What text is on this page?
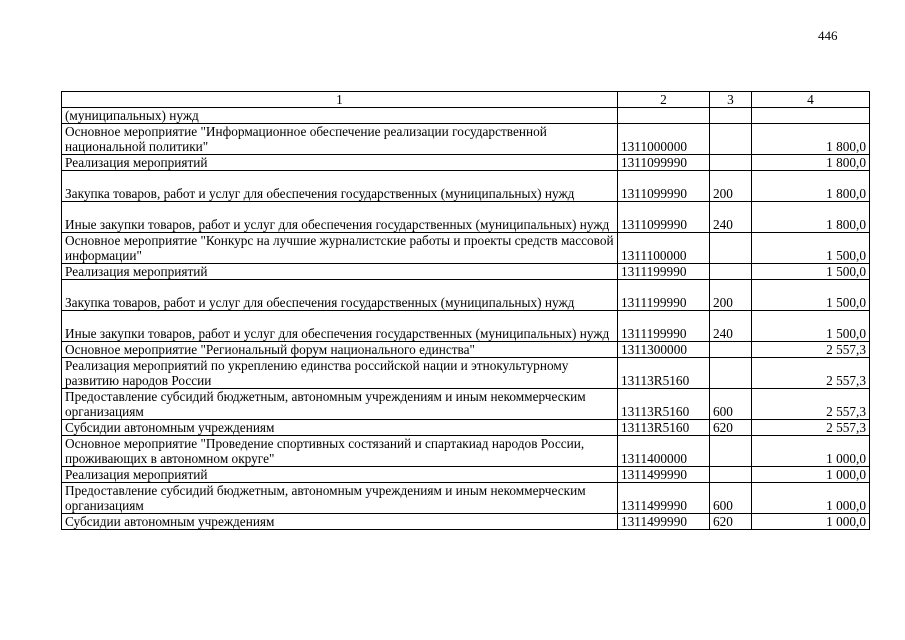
446
1	2	3	4
(муниципальных) нужд			
Основное мероприятие "Информационное обеспечение реализации государственной национальной политики"	1311000000		1 800,0
Реализация мероприятий	1311099990		1 800,0
Закупка товаров, работ и услуг для обеспечения государственных (муниципальных) нужд	1311099990	200	1 800,0
Иные закупки товаров, работ и услуг для обеспечения государственных (муниципальных) нужд	1311099990	240	1 800,0
Основное мероприятие "Конкурс на лучшие журналистские работы и проекты средств массовой информации"	1311100000		1 500,0
Реализация мероприятий	1311199990		1 500,0
Закупка товаров, работ и услуг для обеспечения государственных (муниципальных) нужд	1311199990	200	1 500,0
Иные закупки товаров, работ и услуг для обеспечения государственных (муниципальных) нужд	1311199990	240	1 500,0
Основное мероприятие "Региональный форум национального единства"	1311300000		2 557,3
Реализация мероприятий по укреплению единства российской нации и этнокультурному развитию народов России	13113R5160		2 557,3
Предоставление субсидий бюджетным, автономным учреждениям и иным некоммерческим организациям	13113R5160	600	2 557,3
Субсидии автономным учреждениям	13113R5160	620	2 557,3
Основное мероприятие "Проведение спортивных состязаний и спартакиад народов России, проживающих в автономном округе"	1311400000		1 000,0
Реализация мероприятий	1311499990		1 000,0
Предоставление субсидий бюджетным, автономным учреждениям и иным некоммерческим организациям	1311499990	600	1 000,0
Субсидии автономным учреждениям	1311499990	620	1 000,0
